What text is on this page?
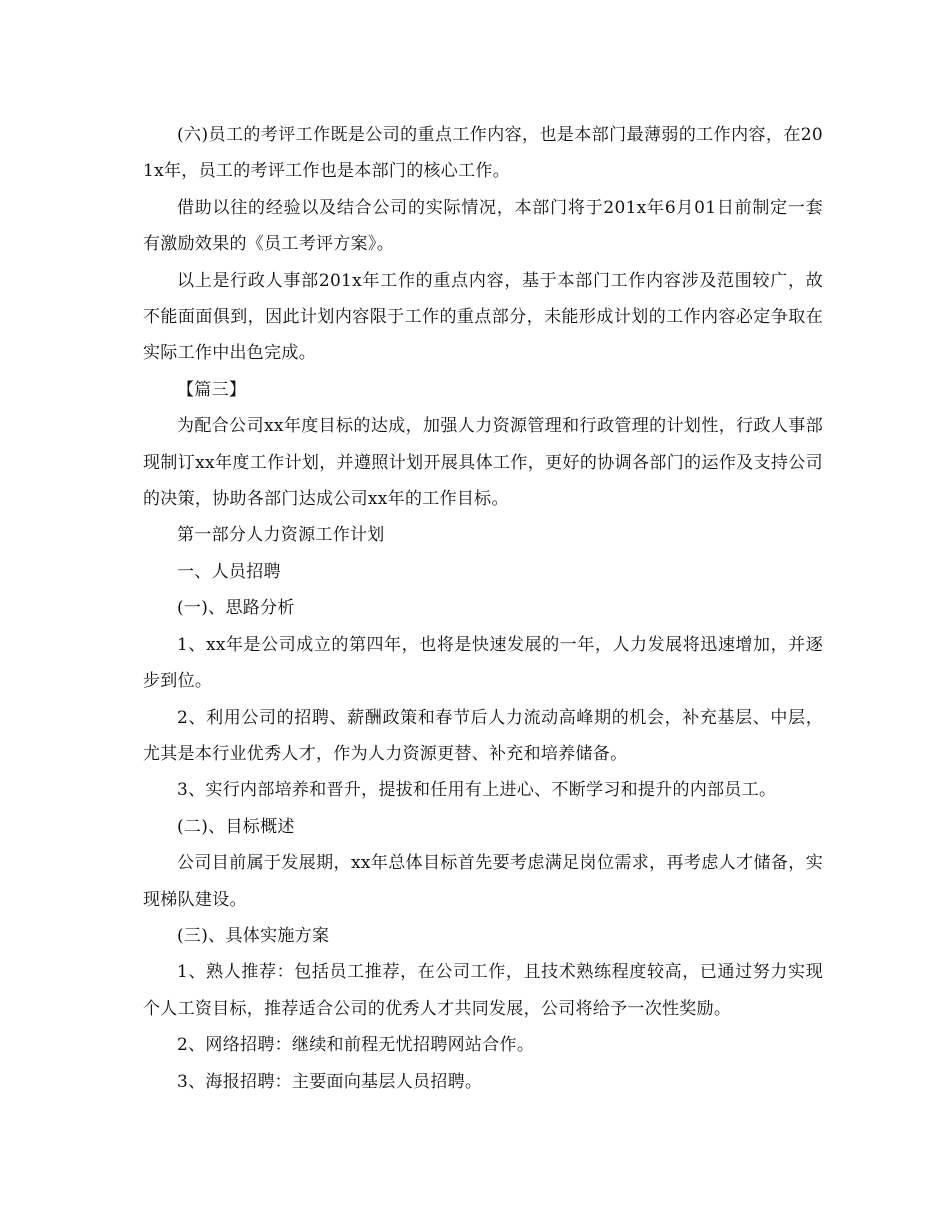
(六)员工的考评工作既是公司的重点工作内容，也是本部门最薄弱的工作内容，在201x年，员工的考评工作也是本部门的核心工作。

借助以往的经验以及结合公司的实际情况，本部门将于201x年6月01日前制定一套有激励效果的《员工考评方案》。

以上是行政人事部201x年工作的重点内容，基于本部门工作内容涉及范围较广，故不能面面俱到，因此计划内容限于工作的重点部分，未能形成计划的工作内容必定争取在实际工作中出色完成。

【篇三】

为配合公司xx年度目标的达成，加强人力资源管理和行政管理的计划性，行政人事部现制订xx年度工作计划，并遵照计划开展具体工作，更好的协调各部门的运作及支持公司的决策，协助各部门达成公司xx年的工作目标。

第一部分人力资源工作计划

一、人员招聘

(一)、思路分析

1、xx年是公司成立的第四年，也将是快速发展的一年，人力发展将迅速增加，并逐步到位。

2、利用公司的招聘、薪酬政策和春节后人力流动高峰期的机会，补充基层、中层，尤其是本行业优秀人才，作为人力资源更替、补充和培养储备。

3、实行内部培养和晋升，提拔和任用有上进心、不断学习和提升的内部员工。

(二)、目标概述

公司目前属于发展期，xx年总体目标首先要考虑满足岗位需求，再考虑人才储备，实现梯队建设。

(三)、具体实施方案

1、熟人推荐：包括员工推荐，在公司工作，且技术熟练程度较高，已通过努力实现个人工资目标，推荐适合公司的优秀人才共同发展，公司将给予一次性奖励。

2、网络招聘：继续和前程无忧招聘网站合作。

3、海报招聘：主要面向基层人员招聘。
